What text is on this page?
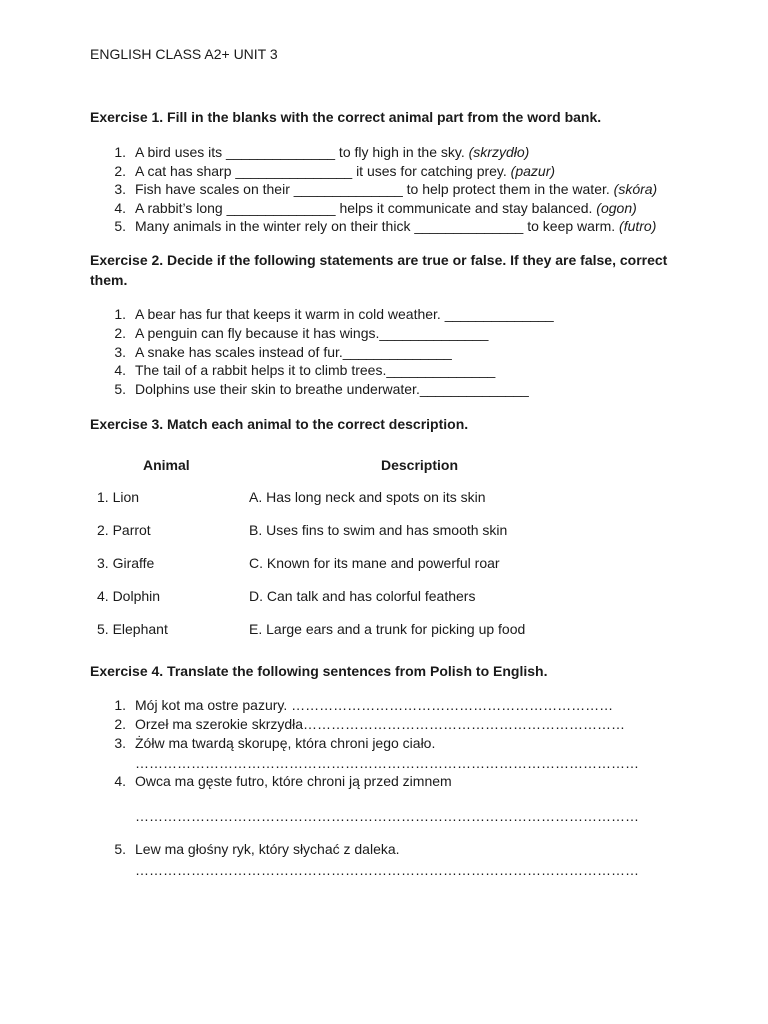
ENGLISH CLASS A2+ UNIT 3
Exercise 1. Fill in the blanks with the correct animal part from the word bank.
1. A bird uses its ______________ to fly high in the sky. (skrzydło)
2. A cat has sharp _______________ it uses for catching prey. (pazur)
3. Fish have scales on their ______________ to help protect them in the water. (skóra)
4. A rabbit’s long ______________ helps it communicate and stay balanced. (ogon)
5. Many animals in the winter rely on their thick ______________ to keep warm. (futro)
Exercise 2. Decide if the following statements are true or false. If they are false, correct them.
1. A bear has fur that keeps it warm in cold weather. ______________
2. A penguin can fly because it has wings.______________
3. A snake has scales instead of fur.______________
4. The tail of a rabbit helps it to climb trees.______________
5. Dolphins use their skin to breathe underwater.______________
Exercise 3. Match each animal to the correct description.
Animal	Description
1. Lion	A. Has long neck and spots on its skin
2. Parrot	B. Uses fins to swim and has smooth skin
3. Giraffe	C. Known for its mane and powerful roar
4. Dolphin	D. Can talk and has colorful feathers
5. Elephant	E. Large ears and a trunk for picking up food
Exercise 4. Translate the following sentences from Polish to English.
1. Mój kot ma ostre pazury. ……………………………………………………………
2. Orzeł ma szerokie skrzydła……………………………………………………………
3. Żółw ma twardą skorupę, która chroni jego ciało.
………………………………………………………………………………………………
4. Owca ma gęste futro, które chroni ją przed zimnem
………………………………………………………………………………………………
5. Lew ma głośny ryk, który słychać z daleka.
………………………………………………………………………………………………
